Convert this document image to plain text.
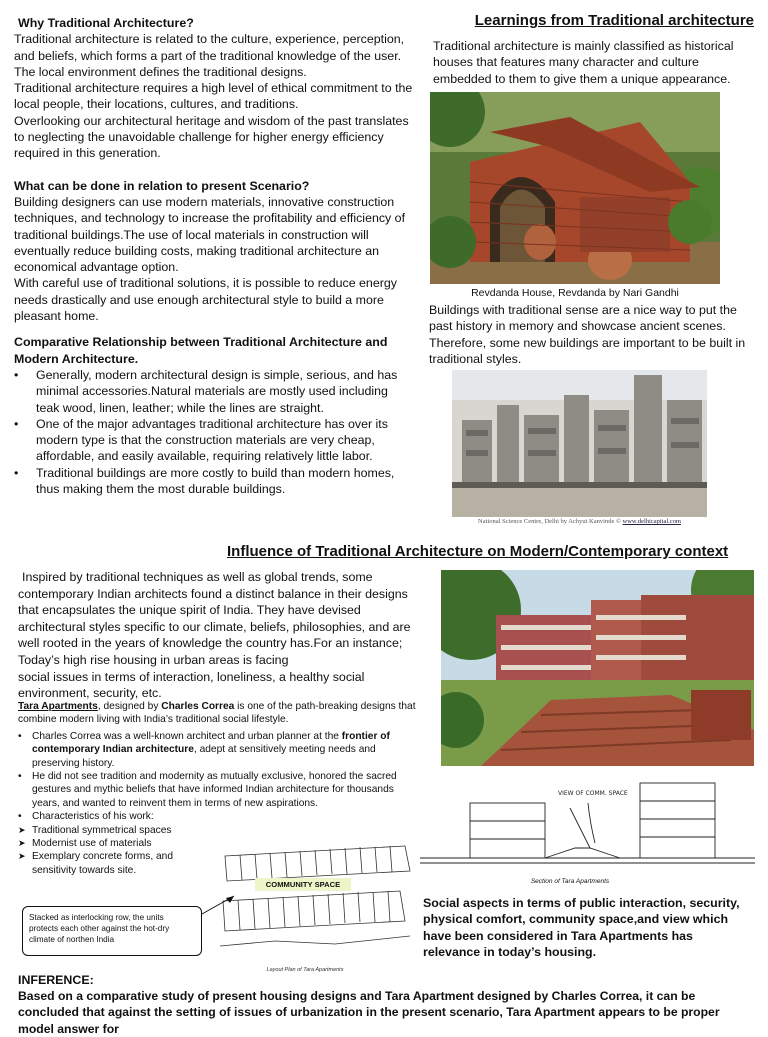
Why Traditional Architecture?

Traditional architecture is related to the culture, experience, perception, and beliefs, which forms a part of the traditional knowledge of the user.

The local environment defines the traditional designs.

Traditional architecture requires a high level of ethical commitment to the local people, their locations, cultures, and traditions.

Overlooking our architectural heritage and wisdom of the past translates to neglecting the unavoidable challenge for higher energy efficiency required in this generation.

What can be done in relation to present Scenario?

Building designers can use modern materials, innovative construction techniques, and technology to increase the profitability and efficiency of traditional buildings.The use of local materials in construction will eventually reduce building costs, making traditional architecture an economical advantage option.

With careful use of traditional solutions, it is possible to reduce energy needs drastically and use enough architectural style to build a more pleasant home.

Comparative Relationship between Traditional Architecture and Modern Architecture.

• Generally, modern architectural design is simple, serious, and has minimal accessories.Natural materials are mostly used including teak wood, linen, leather; while the lines are straight.
• One of the major advantages traditional architecture has over its modern type is that the construction materials are very cheap, affordable, and easily available, requiring relatively little labor.
• Traditional buildings are more costly to build than modern homes, thus making them the most durable buildings.
Learnings from Traditional architecture

Traditional architecture is mainly classified as historical houses that features many character and culture embedded to them to give them a unique appearance.

Revdanda House, Revdanda by Nari Gandhi

Buildings with traditional sense are a nice way to put the past history in memory and showcase ancient scenes. Therefore, some new buildings are important to be built in traditional styles.

National Science Centre, Delhi by Achyut Kanvinde © www.delhicapital.com

Influence of Traditional Architecture on Modern/Contemporary context

Inspired by traditional techniques as well as global trends, some contemporary Indian architects found a distinct balance in their designs that encapsulates the unique spirit of India. They have devised architectural styles specific to our climate, beliefs, philosophies, and are well rooted in the years of knowledge the country has.For an instance;

Today’s high rise housing in urban areas is facing

social issues in terms of interaction, loneliness, a healthy social environment, security, etc.

Tara Apartments, designed by Charles Correa is one of the path-breaking designs that combine modern living with India’s traditional social lifestyle.

• Charles Correa was a well-known architect and urban planner at the frontier of contemporary Indian architecture, adept at sensitively meeting needs and preserving history.
• He did not see tradition and modernity as mutually exclusive, honored the sacred gestures and mythic beliefs that have informed Indian architecture for thousands years, and wanted to reinvent them in terms of new aspirations.
• Characteristics of his work:
➤ Traditional symmetrical spaces
➤ Modernist use of materials
➤ Exemplary concrete forms, and sensitivity towards site.
COMMUNITY SPACE
Stacked as interlocking row, the units protects each other against the hot-dry climate of northen India

Layout Plan of Tara Apartments

VIEW OF COMM. SPACE

Section of Tara Apartments

Social aspects in terms of public interaction, security, physical comfort, community space,and view which have been considered in Tara Apartments has relevance in today’s housing.

INFERENCE:

Based on a comparative study of present housing designs and Tara Apartment designed by Charles Correa, it can be concluded that against the setting of issues of urbanization in the present scenario, Tara Apartment appears to be proper model answer for
